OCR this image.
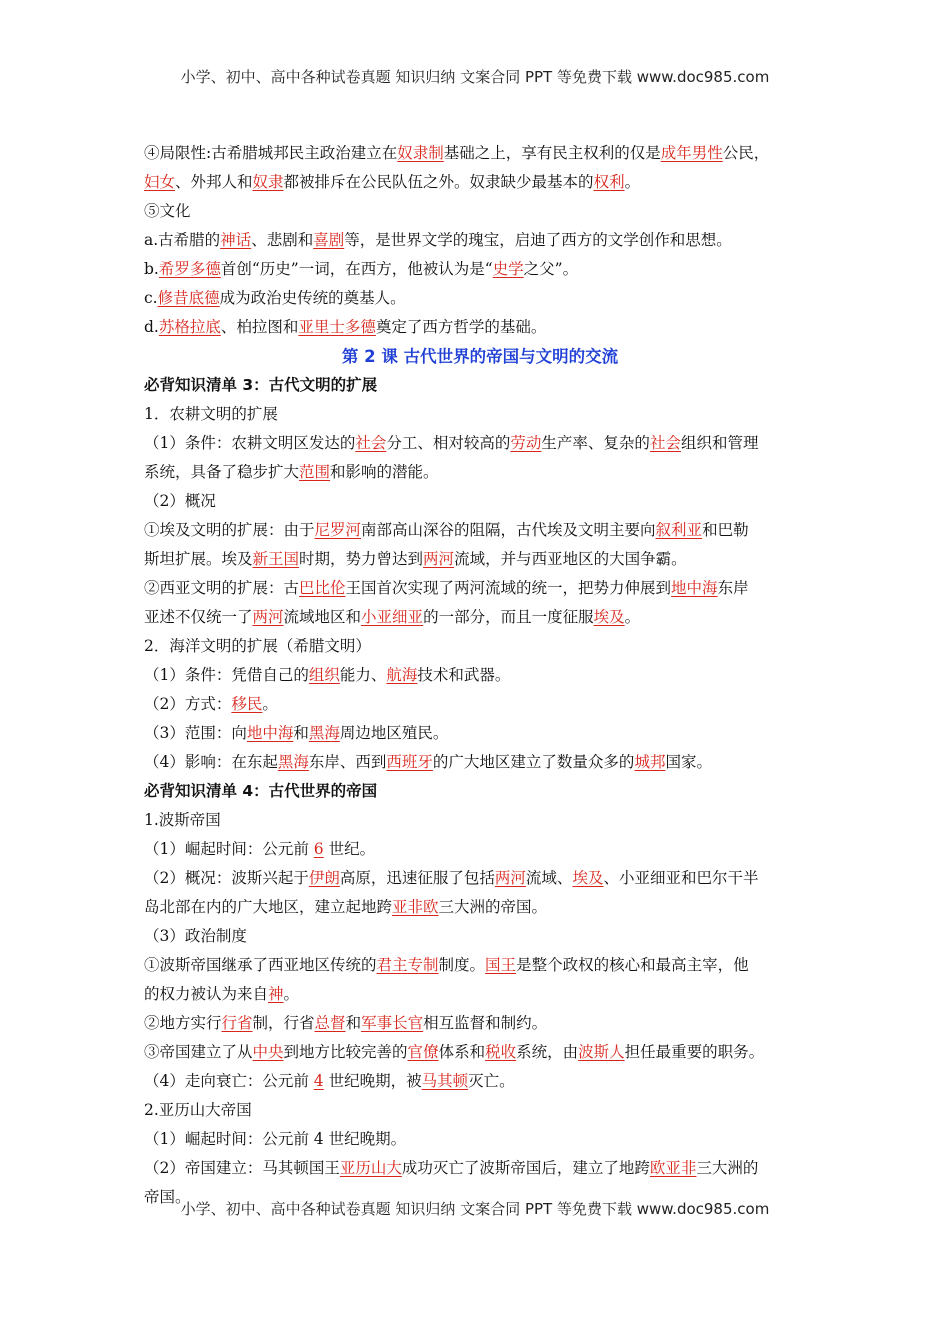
小学、初中、高中各种试卷真题 知识归纳 文案合同 PPT 等免费下载 www.doc985.com
④局限性:古希腊城邦民主政治建立在奴隶制基础之上，享有民主权利的仅是成年男性公民，
妇女、外邦人和奴隶都被排斥在公民队伍之外。奴隶缺少最基本的权利。
⑤文化
a.古希腊的神话、悲剧和喜剧等，是世界文学的瑰宝，启迪了西方的文学创作和思想。
b.希罗多德首创“历史”一词，在西方，他被认为是“史学之父”。
c.修昔底德成为政治史传统的奠基人。
d.苏格拉底、柏拉图和亚里士多德奠定了西方哲学的基础。
第 2 课 古代世界的帝国与文明的交流
必背知识清单 3：古代文明的扩展
1．农耕文明的扩展
（1）条件：农耕文明区发达的社会分工、相对较高的劳动生产率、复杂的社会组织和管理
系统，具备了稳步扩大范围和影响的潜能。
（2）概况
①埃及文明的扩展：由于尼罗河南部高山深谷的阻隔，古代埃及文明主要向叙利亚和巴勒
斯坦扩展。埃及新王国时期，势力曾达到两河流域，并与西亚地区的大国争霸。
②西亚文明的扩展：古巴比伦王国首次实现了两河流域的统一，把势力伸展到地中海东岸
亚述不仅统一了两河流域地区和小亚细亚的一部分，而且一度征服埃及。
2．海洋文明的扩展（希腊文明）
（1）条件：凭借自己的组织能力、航海技术和武器。
（2）方式：移民。
（3）范围：向地中海和黑海周边地区殖民。
（4）影响：在东起黑海东岸、西到西班牙的广大地区建立了数量众多的城邦国家。
必背知识清单 4：古代世界的帝国
1.波斯帝国
（1）崛起时间：公元前 6 世纪。
（2）概况：波斯兴起于伊朗高原，迅速征服了包括两河流域、埃及、小亚细亚和巴尔干半
岛北部在内的广大地区，建立起地跨亚非欧三大洲的帝国。
（3）政治制度
①波斯帝国继承了西亚地区传统的君主专制制度。国王是整个政权的核心和最高主宰，他
的权力被认为来自神。
②地方实行行省制，行省总督和军事长官相互监督和制约。
③帝国建立了从中央到地方比较完善的官僚体系和税收系统，由波斯人担任最重要的职务。
（4）走向衰亡：公元前 4 世纪晚期，被马其顿灭亡。
2.亚历山大帝国
（1）崛起时间：公元前 4 世纪晚期。
（2）帝国建立：马其顿国王亚历山大成功灭亡了波斯帝国后，建立了地跨欧亚非三大洲的
帝国。
小学、初中、高中各种试卷真题 知识归纳 文案合同 PPT 等免费下载 www.doc985.com
